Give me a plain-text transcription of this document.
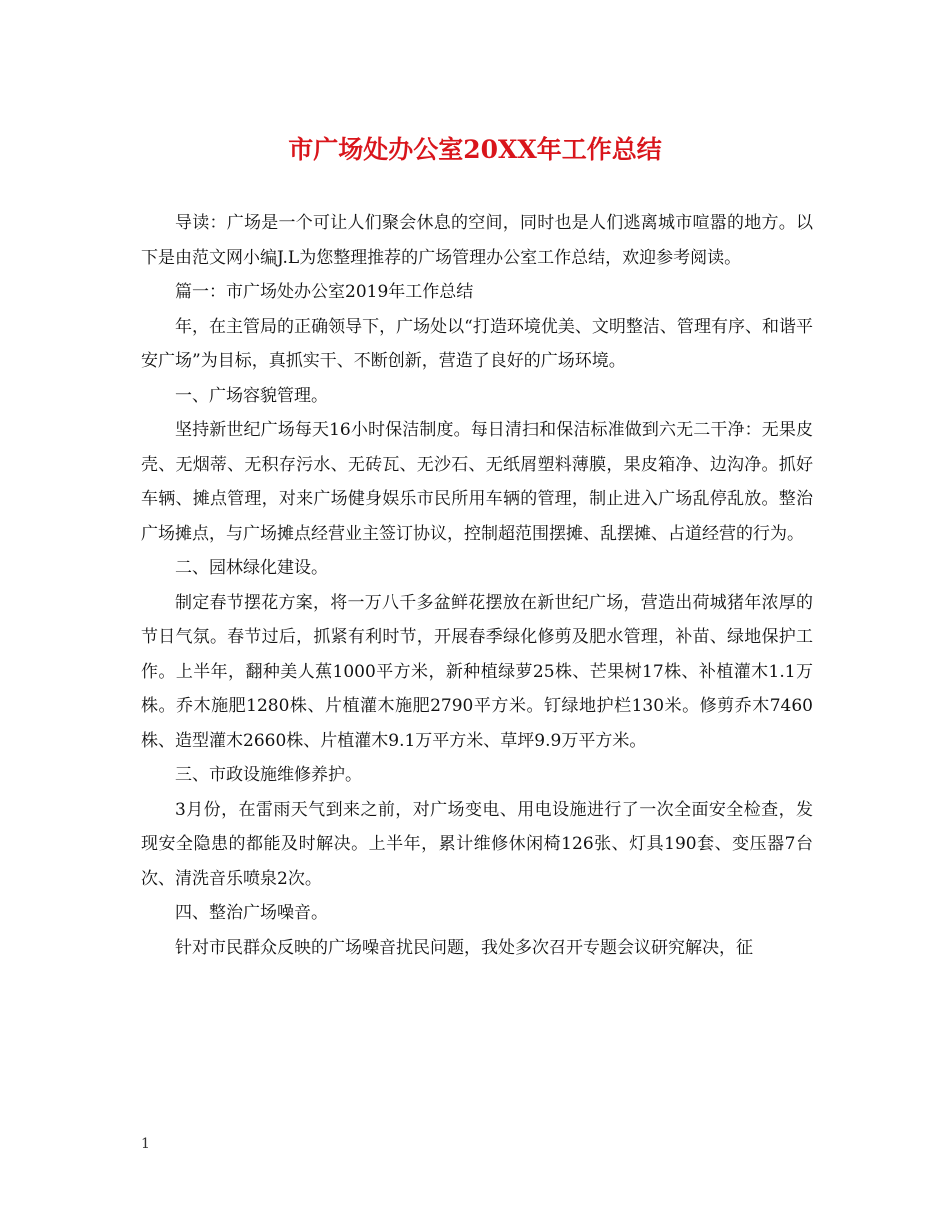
市广场处办公室20XX年工作总结

导读：广场是一个可让人们聚会休息的空间，同时也是人们逃离城市喧嚣的地方。以下是由范文网小编J.L为您整理推荐的广场管理办公室工作总结，欢迎参考阅读。

篇一：市广场处办公室2019年工作总结

年，在主管局的正确领导下，广场处以“打造环境优美、文明整洁、管理有序、和谐平安广场”为目标，真抓实干、不断创新，营造了良好的广场环境。

一、广场容貌管理。

坚持新世纪广场每天16小时保洁制度。每日清扫和保洁标准做到六无二干净：无果皮壳、无烟蒂、无积存污水、无砖瓦、无沙石、无纸屑塑料薄膜，果皮箱净、边沟净。抓好车辆、摊点管理，对来广场健身娱乐市民所用车辆的管理，制止进入广场乱停乱放。整治广场摊点，与广场摊点经营业主签订协议，控制超范围摆摊、乱摆摊、占道经营的行为。

二、园林绿化建设。

制定春节摆花方案，将一万八千多盆鲜花摆放在新世纪广场，营造出荷城猪年浓厚的节日气氛。春节过后，抓紧有利时节，开展春季绿化修剪及肥水管理，补苗、绿地保护工作。上半年，翻种美人蕉1000平方米，新种植绿萝25株、芒果树17株、补植灌木1.1万株。乔木施肥1280株、片植灌木施肥2790平方米。钉绿地护栏130米。修剪乔木7460株、造型灌木2660株、片植灌木9.1万平方米、草坪9.9万平方米。

三、市政设施维修养护。

3月份，在雷雨天气到来之前，对广场变电、用电设施进行了一次全面安全检查，发现安全隐患的都能及时解决。上半年，累计维修休闲椅126张、灯具190套、变压器7台次、清洗音乐喷泉2次。

四、整治广场噪音。

针对市民群众反映的广场噪音扰民问题，我处多次召开专题会议研究解决，征

1
